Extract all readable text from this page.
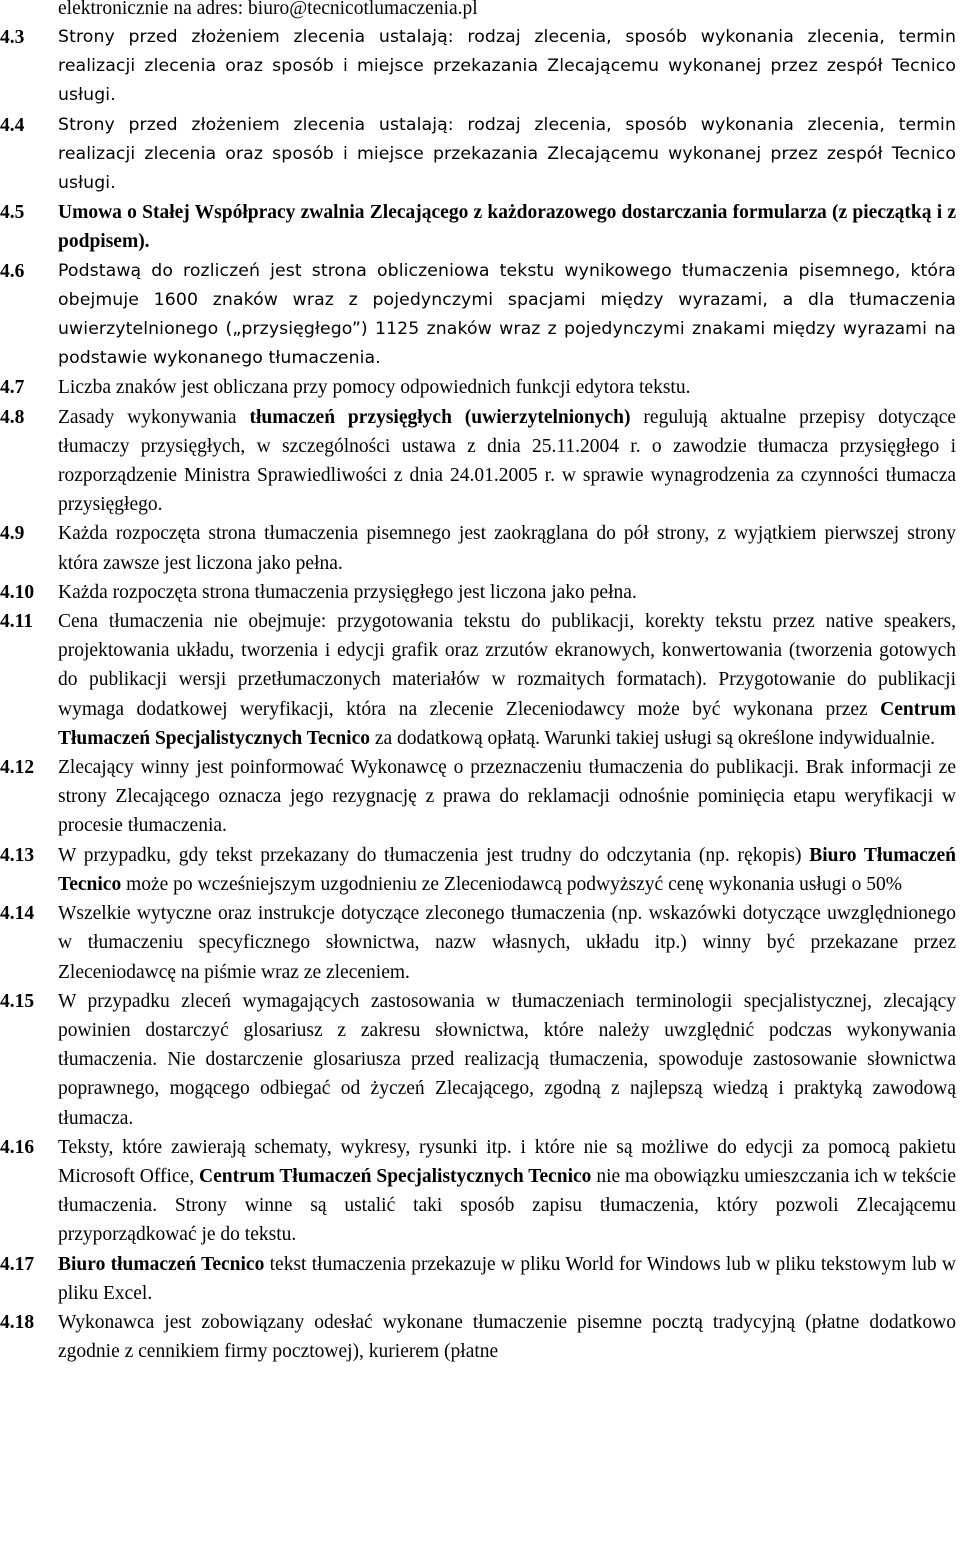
elektronicznie na adres: biuro@tecnicotlumaczenia.pl
4.3	Strony przed złożeniem zlecenia ustalają: rodzaj zlecenia, sposób wykonania zlecenia, termin realizacji zlecenia oraz sposób i miejsce przekazania Zlecającemu wykonanej przez zespół Tecnico usługi.
4.4	Strony przed złożeniem zlecenia ustalają: rodzaj zlecenia, sposób wykonania zlecenia, termin realizacji zlecenia oraz sposób i miejsce przekazania Zlecającemu wykonanej przez zespół Tecnico usługi.
4.5	Umowa o Stałej Współpracy zwalnia Zlecającego z każdorazowego dostarczania formularza (z pieczątką i z podpisem).
4.6	Podstawą do rozliczeń jest strona obliczeniowa tekstu wynikowego tłumaczenia pisemnego, która obejmuje 1600 znaków wraz z pojedynczymi spacjami między wyrazami, a dla tłumaczenia uwierzytelnionego („przysięgłego”) 1125 znaków wraz z pojedynczymi znakami między wyrazami na podstawie wykonanego tłumaczenia.
4.7	Liczba znaków jest obliczana przy pomocy odpowiednich funkcji edytora tekstu.
4.8	Zasady wykonywania tłumaczeń przysięgłych (uwierzytelnionych) regulują aktualne przepisy dotyczące tłumaczy przysięgłych, w szczególności ustawa z dnia 25.11.2004 r. o zawodzie tłumacza przysięgłego i rozporządzenie Ministra Sprawiedliwości z dnia 24.01.2005 r. w sprawie wynagrodzenia za czynności tłumacza przysięgłego.
4.9	Każda rozpoczęta strona tłumaczenia pisemnego jest zaokrąglana do pół strony, z wyjątkiem pierwszej strony która zawsze jest liczona jako pełna.
4.10	Każda rozpoczęta strona tłumaczenia przysięgłego jest liczona jako pełna.
4.11	Cena tłumaczenia nie obejmuje: przygotowania tekstu do publikacji, korekty tekstu przez native speakers, projektowania układu, tworzenia i edycji grafik oraz zrzutów ekranowych, konwertowania (tworzenia gotowych do publikacji wersji przetłumaczonych materiałów w rozmaitych formatach). Przygotowanie do publikacji wymaga dodatkowej weryfikacji, która na zlecenie Zleceniodawcy może być wykonana przez Centrum Tłumaczeń Specjalistycznych Tecnico za dodatkową opłatą. Warunki takiej usługi są określone indywidualnie.
4.12	Zlecający winny jest poinformować Wykonawcę o przeznaczeniu tłumaczenia do publikacji. Brak informacji ze strony Zlecającego oznacza jego rezygnację z prawa do reklamacji odnośnie pominięcia etapu weryfikacji w procesie tłumaczenia.
4.13	W przypadku, gdy tekst przekazany do tłumaczenia jest trudny do odczytania (np. rękopis) Biuro Tłumaczeń Tecnico może po wcześniejszym uzgodnieniu ze Zleceniodawcą podwyższyć cenę wykonania usługi o 50%
4.14	Wszelkie wytyczne oraz instrukcje dotyczące zleconego tłumaczenia (np. wskazówki dotyczące uwzględnionego w tłumaczeniu specyficznego słownictwa, nazw własnych, układu itp.) winny być przekazane przez Zleceniodawcę na piśmie wraz ze zleceniem.
4.15	W przypadku zleceń wymagających zastosowania w tłumaczeniach terminologii specjalistycznej, zlecający powinien dostarczyć glosariusz z zakresu słownictwa, które należy uwzględnić podczas wykonywania tłumaczenia. Nie dostarczenie glosariusza przed realizacją tłumaczenia, spowoduje zastosowanie słownictwa poprawnego, mogącego odbiegać od życzeń Zlecającego, zgodną z najlepszą wiedzą i praktyką zawodową tłumacza.
4.16	Teksty, które zawierają schematy, wykresy, rysunki itp. i które nie są możliwe do edycji za pomocą pakietu Microsoft Office, Centrum Tłumaczeń Specjalistycznych Tecnico nie ma obowiązku umieszczania ich w tekście tłumaczenia. Strony winne są ustalić taki sposób zapisu tłumaczenia, który pozwoli Zlecającemu przyporządkować je do tekstu.
4.17	Biuro tłumaczeń Tecnico tekst tłumaczenia przekazuje w pliku World for Windows lub w pliku tekstowym lub w pliku Excel.
4.18	Wykonawca jest zobowiązany odesłać wykonane tłumaczenie pisemne pocztą tradycyjną (płatne dodatkowo zgodnie z cennikiem firmy pocztowej), kurierem (płatne
